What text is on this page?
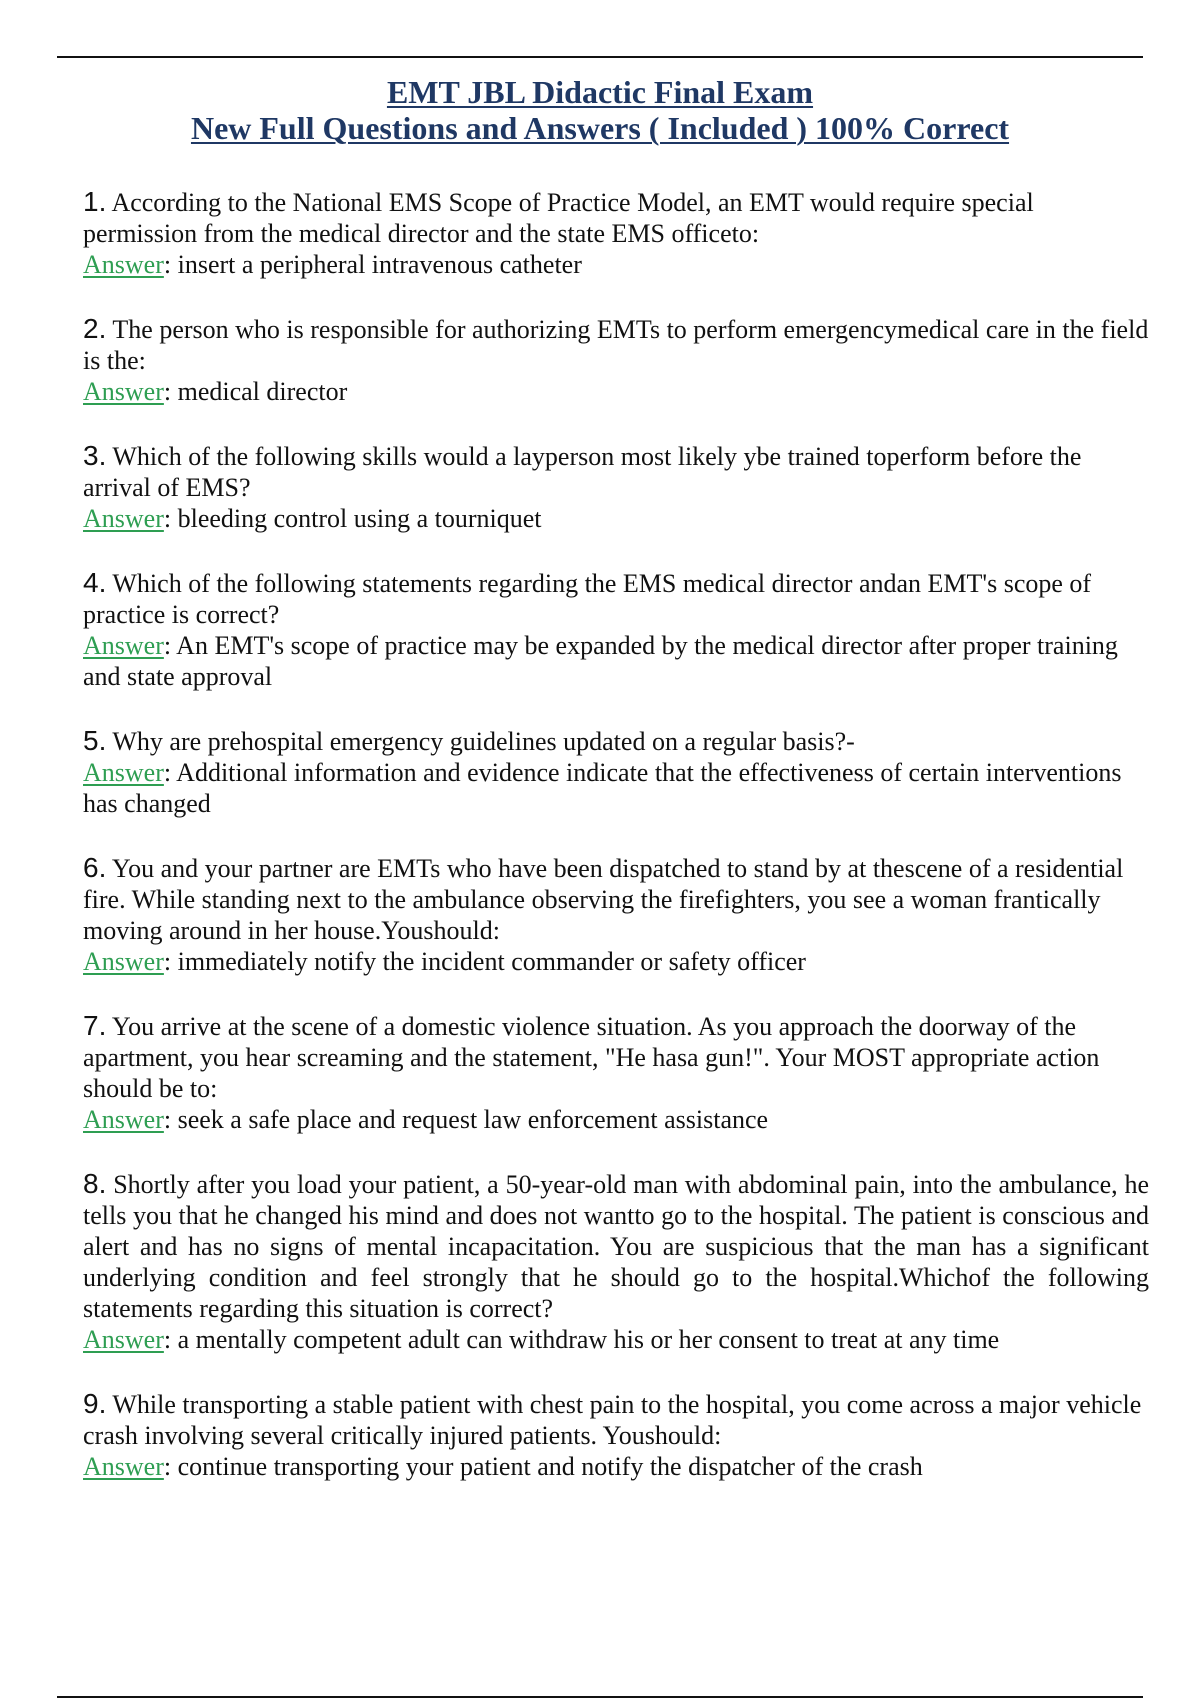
EMT JBL Didactic Final Exam
New Full Questions and Answers ( Included ) 100% Correct
1. According to the National EMS Scope of Practice Model, an EMT would require special permission from the medical director and the state EMS officeto:
Answer: insert a peripheral intravenous catheter
2. The person who is responsible for authorizing EMTs to perform emergencymedical care in the field is the:
Answer: medical director
3. Which of the following skills would a layperson most likely ybe trained toperform before the arrival of EMS?
Answer: bleeding control using a tourniquet
4. Which of the following statements regarding the EMS medical director andan EMT's scope of practice is correct?
Answer: An EMT's scope of practice may be expanded by the medical director after proper training and state approval
5. Why are prehospital emergency guidelines updated on a regular basis?-
Answer: Additional information and evidence indicate that the effectiveness of certain interventions has changed
6. You and your partner are EMTs who have been dispatched to stand by at thescene of a residential fire. While standing next to the ambulance observing the firefighters, you see a woman frantically moving around in her house.Youshould:
Answer: immediately notify the incident commander or safety officer
7. You arrive at the scene of a domestic violence situation. As you approach the doorway of the apartment, you hear screaming and the statement, "He hasa gun!". Your MOST appropriate action should be to:
Answer: seek a safe place and request law enforcement assistance
8. Shortly after you load your patient, a 50-year-old man with abdominal pain, into the ambulance, he tells you that he changed his mind and does not wantto go to the hospital. The patient is conscious and alert and has no signs of mental incapacitation. You are suspicious that the man has a significant underlying condition and feel strongly that he should go to the hospital.Whichof the following statements regarding this situation is correct?
Answer: a mentally competent adult can withdraw his or her consent to treat at any time
9. While transporting a stable patient with chest pain to the hospital, you come across a major vehicle crash involving several critically injured patients. Youshould:
Answer: continue transporting your patient and notify the dispatcher of the crash
